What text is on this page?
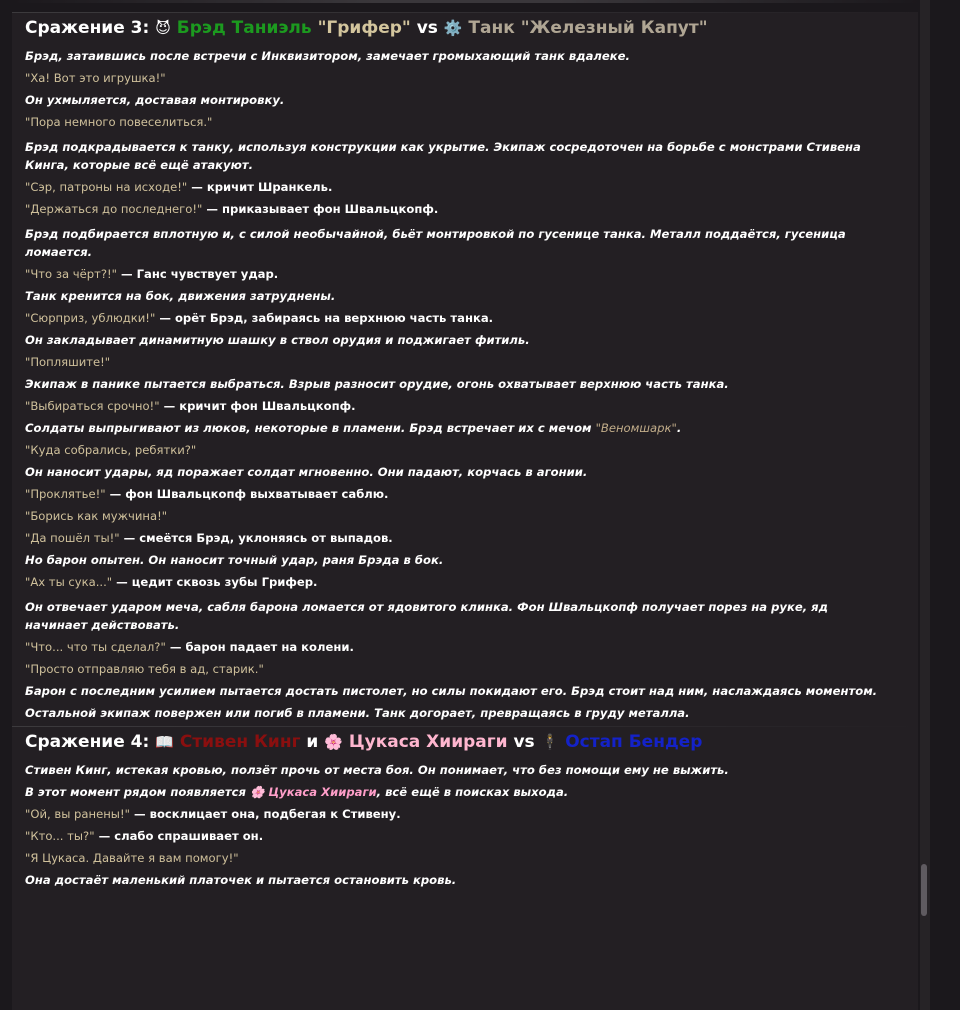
Сражение 3: 😈 Брэд Таниэль "Грифер" vs ⚙️ Танк "Железный Капут"

Брэд, затаившись после встречи с Инквизитором, замечает громыхающий танк вдалеке.

"Ха! Вот это игрушка!"

Он ухмыляется, доставая монтировку.

"Пора немного повеселиться."

Брэд подкрадывается к танку, используя конструкции как укрытие. Экипаж сосредоточен на борьбе с монстрами Стивена Кинга, которые всё ещё атакуют.

"Сэр, патроны на исходе!" — кричит Шранкель.

"Держаться до последнего!" — приказывает фон Швальцкопф.

Брэд подбирается вплотную и, с силой необычайной, бьёт монтировкой по гусенице танка. Металл поддаётся, гусеница ломается.

"Что за чёрт?!" — Ганс чувствует удар.

Танк кренится на бок, движения затруднены.

"Сюрприз, ублюдки!" — орёт Брэд, забираясь на верхнюю часть танка.

Он закладывает динамитную шашку в ствол орудия и поджигает фитиль.

"Попляшите!"

Экипаж в панике пытается выбраться. Взрыв разносит орудие, огонь охватывает верхнюю часть танка.

"Выбираться срочно!" — кричит фон Швальцкопф.

Солдаты выпрыгивают из люков, некоторые в пламени. Брэд встречает их с мечом "Веномшарк".

"Куда собрались, ребятки?"

Он наносит удары, яд поражает солдат мгновенно. Они падают, корчась в агонии.

"Проклятье!" — фон Швальцкопф выхватывает саблю.

"Борись как мужчина!"

"Да пошёл ты!" — смеётся Брэд, уклоняясь от выпадов.

Но барон опытен. Он наносит точный удар, раня Брэда в бок.

"Ах ты сука..." — цедит сквозь зубы Грифер.

Он отвечает ударом меча, сабля барона ломается от ядовитого клинка. Фон Швальцкопф получает порез на руке, яд начинает действовать.

"Что... что ты сделал?" — барон падает на колени.

"Просто отправляю тебя в ад, старик."

Барон с последним усилием пытается достать пистолет, но силы покидают его. Брэд стоит над ним, наслаждаясь моментом.

Остальной экипаж повержен или погиб в пламени. Танк догорает, превращаясь в груду металла.

Сражение 4: 📖 Стивен Кинг и 🌸 Цукаса Хиираги vs 🕴 Остап Бендер

Стивен Кинг, истекая кровью, ползёт прочь от места боя. Он понимает, что без помощи ему не выжить.

В этот момент рядом появляется 🌸 Цукаса Хиираги, всё ещё в поисках выхода.

"Ой, вы ранены!" — восклицает она, подбегая к Стивену.

"Кто... ты?" — слабо спрашивает он.

"Я Цукаса. Давайте я вам помогу!"

Она достаёт маленький платочек и пытается остановить кровь.
